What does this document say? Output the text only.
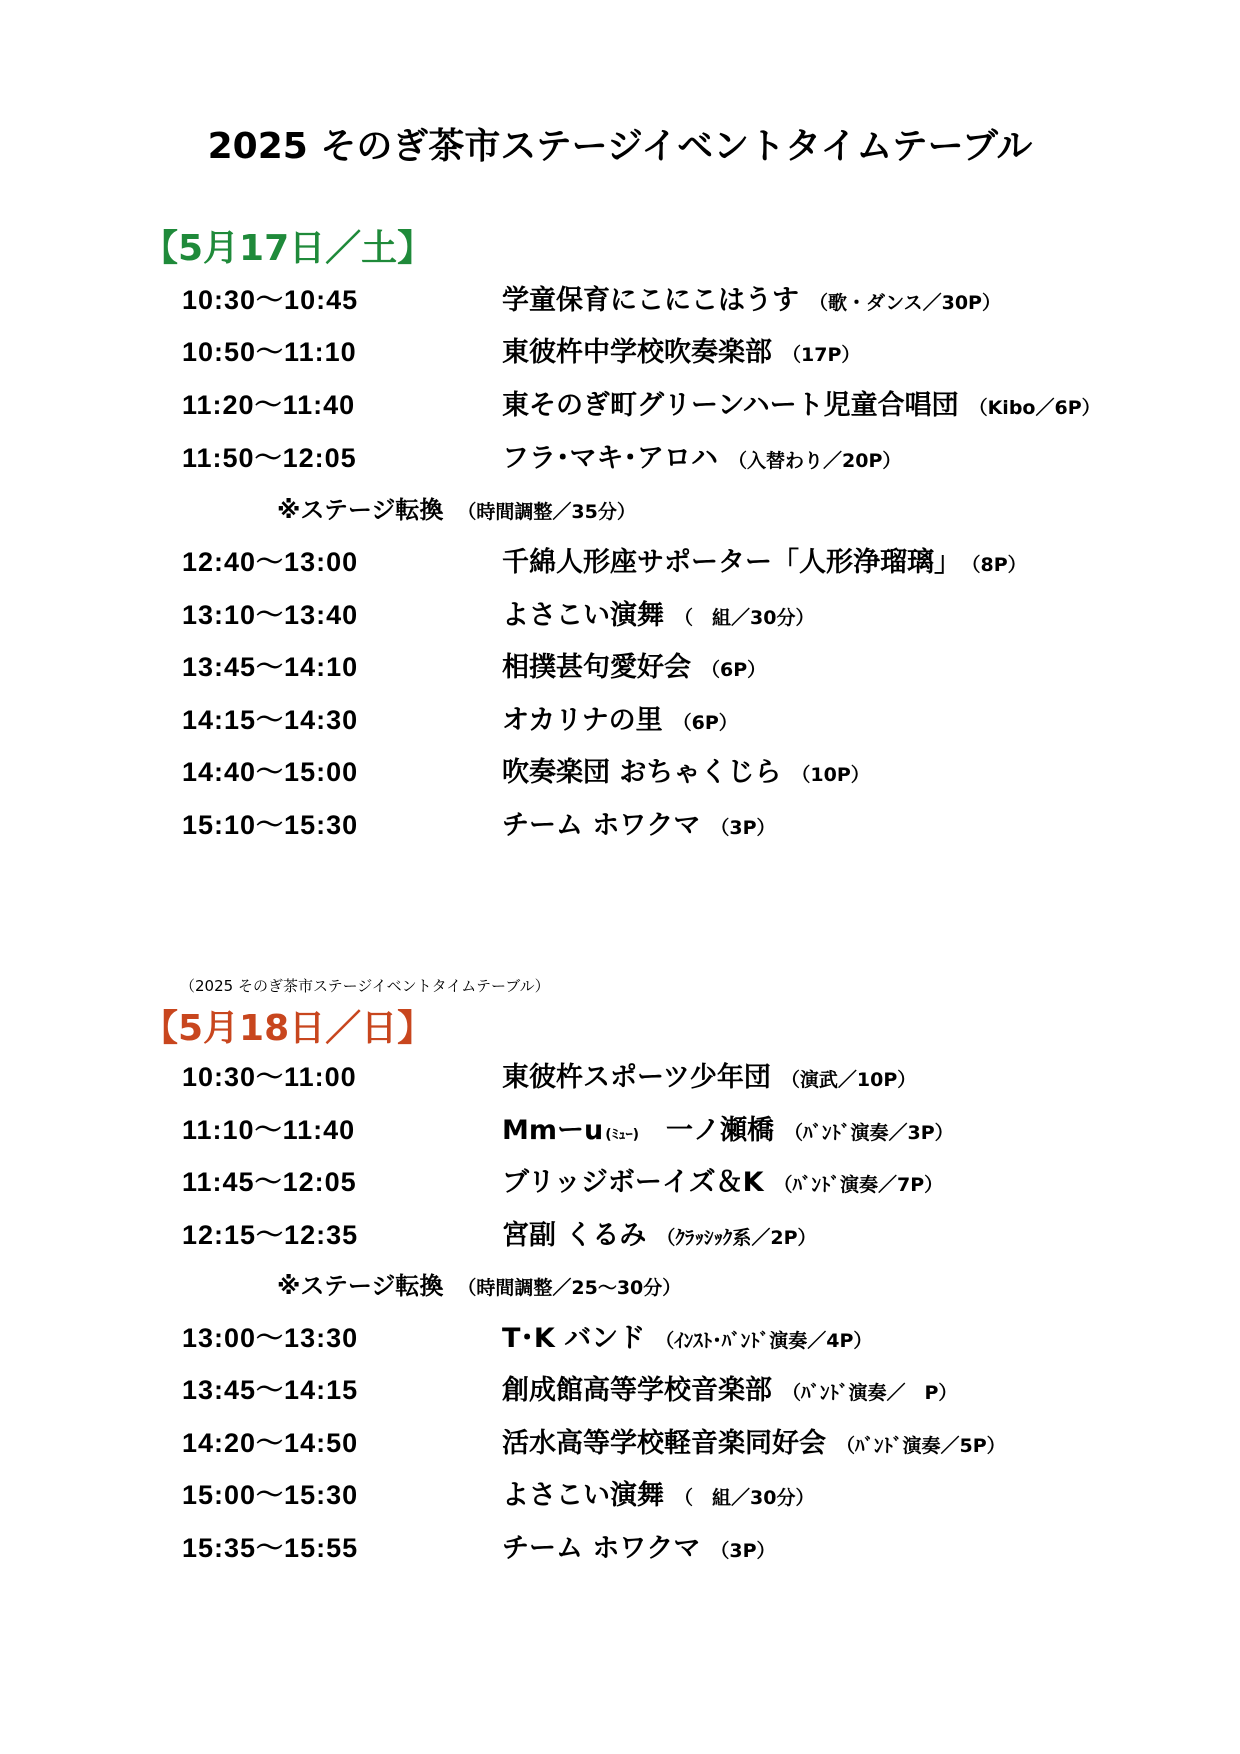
2025 そのぎ茶市ステージイベントタイムテーブル
【5月17日／土】
10:30〜10:45	学童保育にこにこはうす （歌・ダンス／30P）
10:50〜11:10	東彼杵中学校吹奏楽部 （17P）
11:20〜11:40	東そのぎ町グリーンハート児童合唱団 （Kibo／6P）
11:50〜12:05	フラ･マキ･アロハ （入替わり／20P）
※ステージ転換 （時間調整／35分）
12:40〜13:00	千綿人形座サポーター「人形浄瑠璃」 （8P）
13:10〜13:40	よさこい演舞 （　組／30分）
13:45〜14:10	相撲甚句愛好会 （6P）
14:15〜14:30	オカリナの里 （6P）
14:40〜15:00	吹奏楽団 おちゃくじら （10P）
15:10〜15:30	チーム ホワクマ （3P）
（2025 そのぎ茶市ステージイベントタイムテーブル）
【5月18日／日】
10:30〜11:00	東彼杵スポーツ少年団 （演武／10P）
11:10〜11:40	Mmーu (ﾐｭｰ)　一ノ瀬橋 （ﾊﾞﾝﾄﾞ演奏／3P）
11:45〜12:05	ブリッジボーイズ＆K （ﾊﾞﾝﾄﾞ演奏／7P）
12:15〜12:35	宮副 くるみ （ｸﾗｯｼｯｸ系／2P）
※ステージ転換 （時間調整／25〜30分）
13:00〜13:30	T･K バンド （ｲﾝｽﾄ･ﾊﾞﾝﾄﾞ演奏／4P）
13:45〜14:15	創成館高等学校音楽部 （ﾊﾞﾝﾄﾞ演奏／　P）
14:20〜14:50	活水高等学校軽音楽同好会 （ﾊﾞﾝﾄﾞ演奏／5P）
15:00〜15:30	よさこい演舞 （　組／30分）
15:35〜15:55	チーム ホワクマ （3P）
